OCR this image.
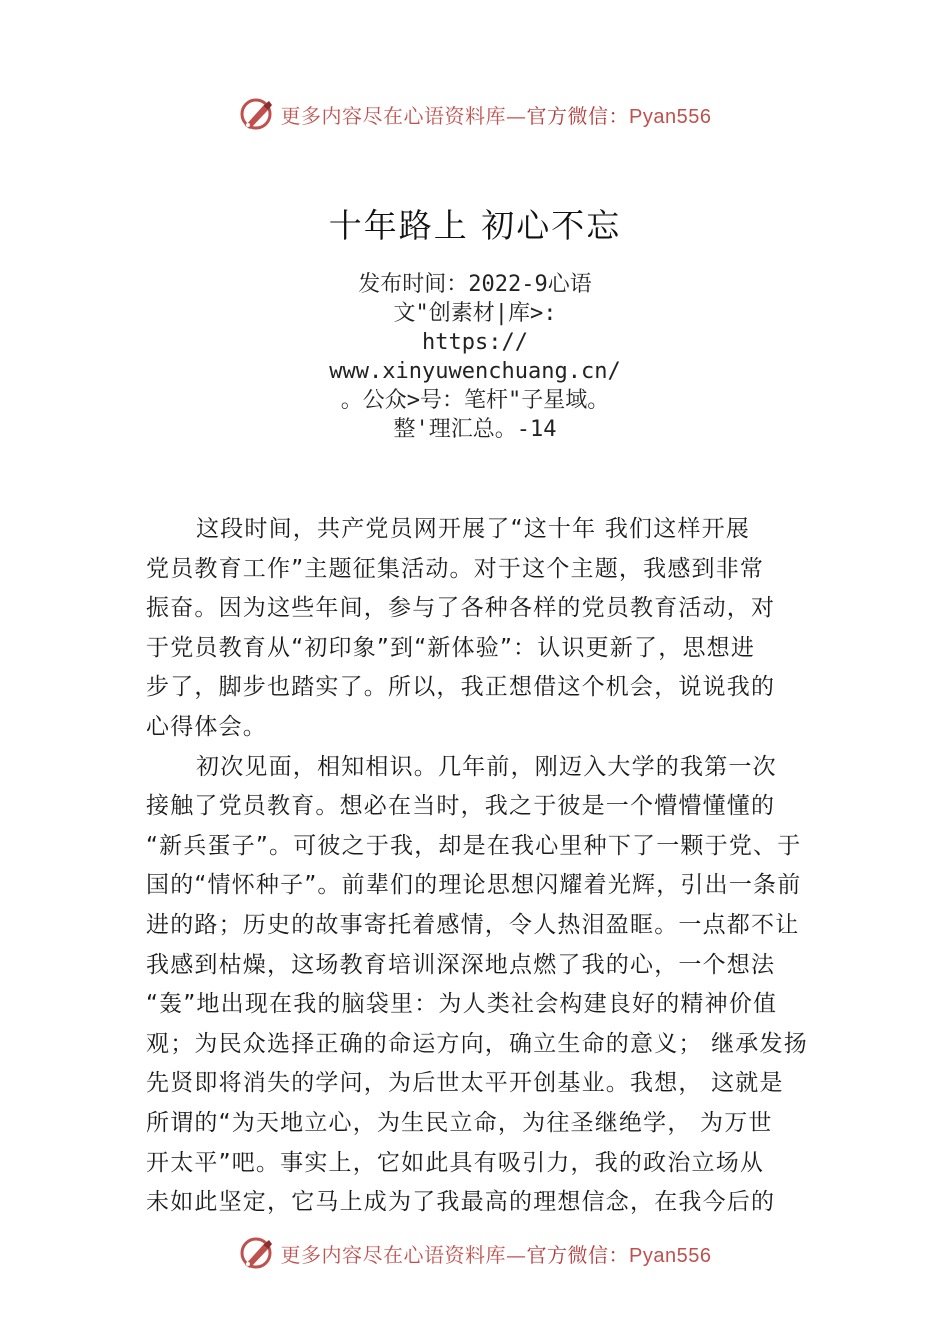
更多内容尽在心语资料库—官方微信：Pyan556
十年路上 初心不忘
发布时间：2022-9心语
文"创素材|库>:
https://
www.xinyuwenchuang.cn/
。公众>号：笔杆"子星域。
整'理汇总。-14
这段时间，共产党员网开展了“这十年 我们这样开展
党员教育工作”主题征集活动。对于这个主题，我感到非常
振奋。因为这些年间，参与了各种各样的党员教育活动，对
于党员教育从“初印象”到“新体验”：认识更新了，思想进
步了，脚步也踏实了。所以，我正想借这个机会，说说我的
心得体会。
初次见面，相知相识。几年前，刚迈入大学的我第一次
接触了党员教育。想必在当时，我之于彼是一个懵懵懂懂的
“新兵蛋子”。可彼之于我，却是在我心里种下了一颗于党、于
国的“情怀种子”。前辈们的理论思想闪耀着光辉，引出一条前
进的路；历史的故事寄托着感情，令人热泪盈眶。一点都不让
我感到枯燥，这场教育培训深深地点燃了我的心，一个想法
“轰”地出现在我的脑袋里：为人类社会构建良好的精神价值
观；为民众选择正确的命运方向，确立生命的意义； 继承发扬
先贤即将消失的学问，为后世太平开创基业。我想， 这就是
所谓的“为天地立心，为生民立命，为往圣继绝学， 为万世
开太平”吧。事实上，它如此具有吸引力，我的政治立场从
未如此坚定，它马上成为了我最高的理想信念，在我今后的
更多内容尽在心语资料库—官方微信：Pyan556
